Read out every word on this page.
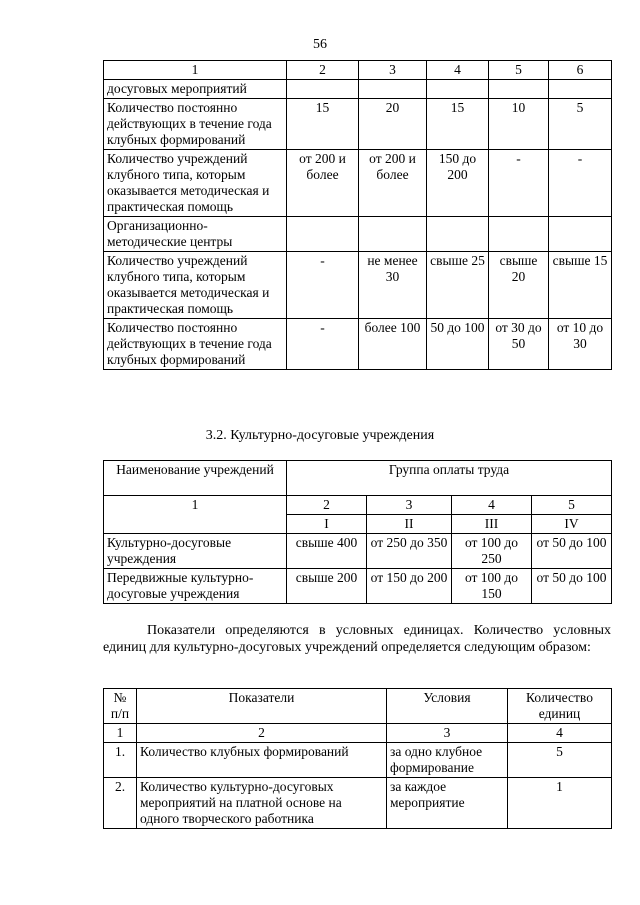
56
1	2	3	4	5	6
досуговых мероприятий					
Количество постоянно действующих в течение года клубных формирований	15	20	15	10	5
Количество учреждений клубного типа, которым оказывается методическая и практическая помощь	от 200 и более	от 200 и более	150 до 200	-	-
Организационно-методические центры					
Количество учреждений клубного типа, которым оказывается методическая и практическая помощь	-	не менее 30	свыше 25	свыше 20	свыше 15
Количество постоянно действующих в течение года клубных формирований	-	более 100	50 до 100	от 30 до 50	от 10 до 30
3.2. Культурно-досуговые учреждения
Наименование учреждений	Группа оплаты труда			
1	2	3	4	5
	I	II	III	IV
Культурно-досуговые учреждения	свыше 400	от 250 до 350	от 100 до 250	от 50 до 100
Передвижные культурно-досуговые учреждения	свыше 200	от 150 до 200	от 100 до 150	от 50 до 100
Показатели определяются в условных единицах. Количество условных единиц для культурно-досуговых учреждений определяется следующим образом:
№ п/п	Показатели	Условия	Количество единиц
1	2	3	4
1.	Количество клубных формирований	за одно клубное формирование	5
2.	Количество культурно-досуговых мероприятий на платной основе на одного творческого работника	за каждое мероприятие	1
